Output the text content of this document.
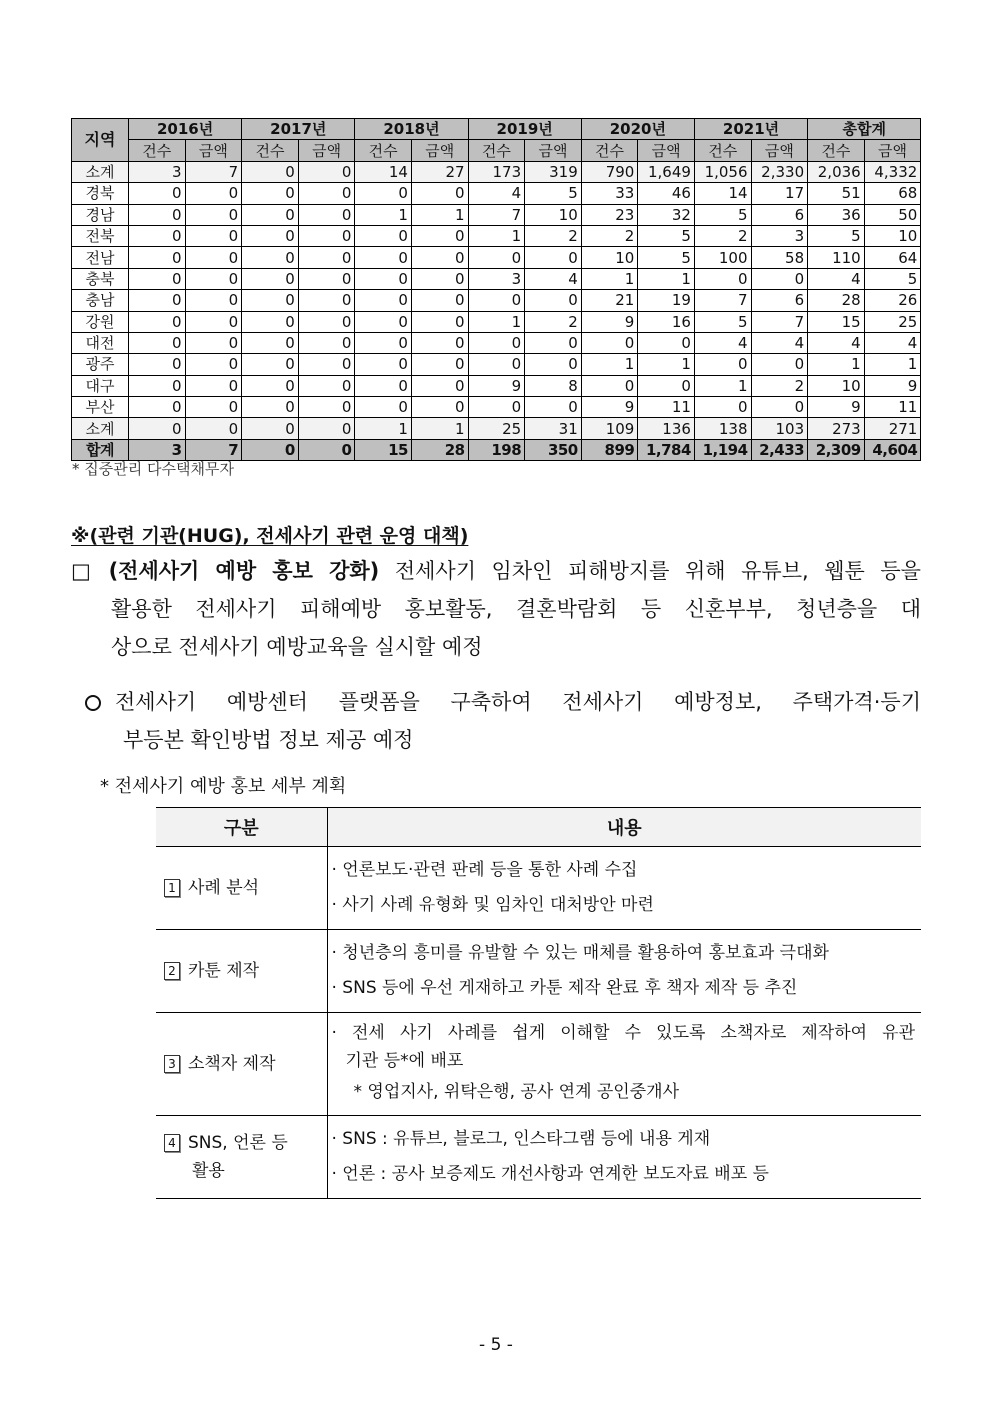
지역	2016년		2017년		2018년		2019년		2020년		2021년		총합계	
	건수	금액	건수	금액	건수	금액	건수	금액	건수	금액	건수	금액	건수	금액
소계	3	7	0	0	14	27	173	319	790	1,649	1,056	2,330	2,036	4,332
경북	0	0	0	0	0	0	4	5	33	46	14	17	51	68
경남	0	0	0	0	1	1	7	10	23	32	5	6	36	50
전북	0	0	0	0	0	0	1	2	2	5	2	3	5	10
전남	0	0	0	0	0	0	0	0	10	5	100	58	110	64
충북	0	0	0	0	0	0	3	4	1	1	0	0	4	5
충남	0	0	0	0	0	0	0	0	21	19	7	6	28	26
강원	0	0	0	0	0	0	1	2	9	16	5	7	15	25
대전	0	0	0	0	0	0	0	0	0	0	4	4	4	4
광주	0	0	0	0	0	0	0	0	1	1	0	0	1	1
대구	0	0	0	0	0	0	9	8	0	0	1	2	10	9
부산	0	0	0	0	0	0	0	0	9	11	0	0	9	11
소계	0	0	0	0	1	1	25	31	109	136	138	103	273	271
합계	3	7	0	0	15	28	198	350	899	1,784	1,194	2,433	2,309	4,604
* 집중관리 다수택채무자
※(관련 기관(HUG), 전세사기 관련 운영 대책)
□ (전세사기 예방 홍보 강화) 전세사기 임차인 피해방지를 위해 유튜브, 웹툰 등을
활용한 전세사기 피해예방 홍보활동, 결혼박람회 등 신혼부부, 청년층을 대
상으로 전세사기 예방교육을 실시할 예정
전세사기 예방센터 플랫폼을 구축하여 전세사기 예방정보, 주택가격·등기
부등본 확인방법 정보 제공 예정
* 전세사기 예방 홍보 세부 계획
구분	내용
1 사례 분석	· 언론보도·관련 판례 등을 통한 사례 수집
· 사기 사례 유형화 및 임차인 대처방안 마련

2 카툰 제작	· 청년층의 흥미를 유발할 수 있는 매체를 활용하여 홍보효과 극대화
· SNS 등에 우선 게재하고 카툰 제작 완료 후 책자 제작 등 추진

3 소책자 제작	· 전세 사기 사례를 쉽게 이해할 수 있도록 소책자로 제작하여 유관
기관 등*에 배포
* 영업지사, 위탁은행, 공사 연계 공인중개사

4 SNS, 언론 등
활용	· SNS : 유튜브, 블로그, 인스타그램 등에 내용 게재
· 언론 : 공사 보증제도 개선사항과 연계한 보도자료 배포 등
- 5 -
